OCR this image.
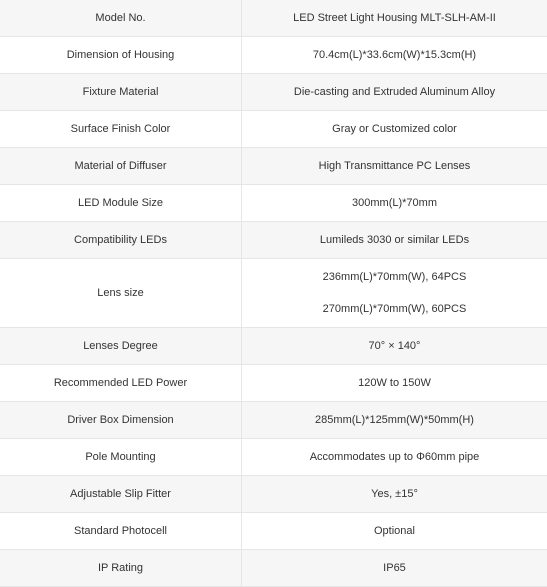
Model No.	LED Street Light Housing MLT-SLH-AM-II

Dimension of Housing	70.4cm(L)*33.6cm(W)*15.3cm(H)

Fixture Material	Die-casting and Extruded Aluminum Alloy

Surface Finish Color	Gray or Customized color

Material of Diffuser	High Transmittance PC Lenses

LED Module Size	300mm(L)*70mm

Compatibility LEDs	Lumileds 3030 or similar LEDs

Lens size	236mm(L)*70mm(W), 64PCS
270mm(L)*70mm(W), 60PCS

Lenses Degree	70° × 140°

Recommended LED Power	120W to 150W

Driver Box Dimension	285mm(L)*125mm(W)*50mm(H)

Pole Mounting	Accommodates up to Φ60mm pipe

Adjustable Slip Fitter	Yes, ±15°

Standard Photocell	Optional

IP Rating	IP65
